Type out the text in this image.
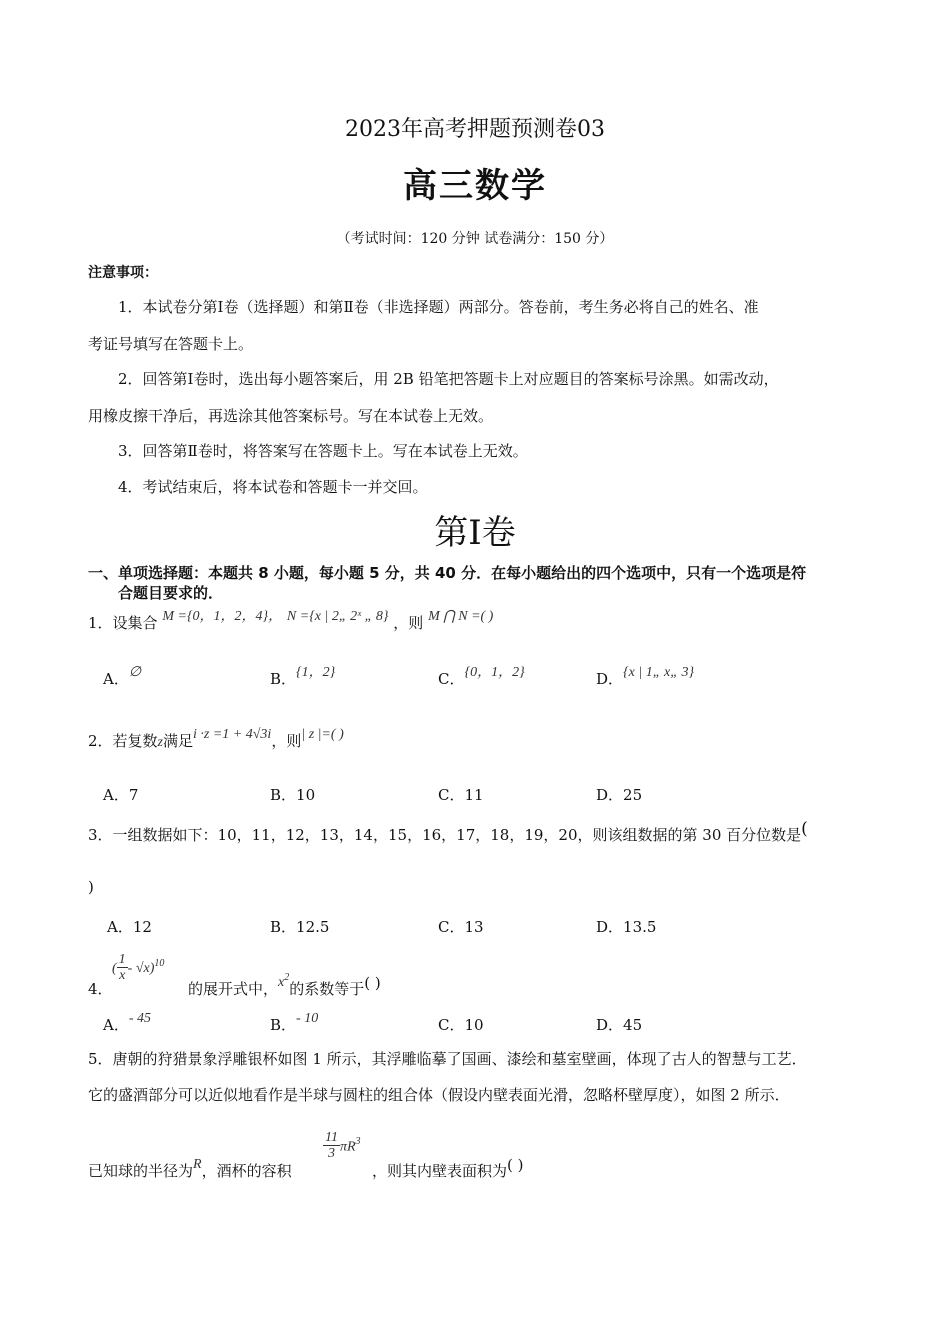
2023年高考押题预测卷03
高三数学
（考试时间：120 分钟 试卷满分：150 分）
注意事项：
1．本试卷分第Ⅰ卷（选择题）和第Ⅱ卷（非选择题）两部分。答卷前，考生务必将自己的姓名、准
考证号填写在答题卡上。
2．回答第Ⅰ卷时，选出每小题答案后，用 2B 铅笔把答题卡上对应题目的答案标号涂黑。如需改动，
用橡皮擦干净后，再选涂其他答案标号。写在本试卷上无效。
3．回答第Ⅱ卷时，将答案写在答题卡上。写在本试卷上无效。
4．考试结束后，将本试卷和答题卡一并交回。
第Ⅰ卷
一、单项选择题：本题共 8 小题，每小题 5 分，共 40 分．在每小题给出的四个选项中，只有一个选项是符
合题目要求的．
1．设集合 M ={0，1，2，4}， N ={x | 2„ 2ˣ „ 8} ，则 M ⋂ N =( )
A．∅	B．{1，2}	C．{0，1，2}	D．{x | 1„ x„ 3}
2．若复数z满足i ·z =1 + 4√3i，则| z |=( )
A．7	B．10	C．11	D．25
3．一组数据如下：10，11，12，13，14，15，16，17，18，19，20，则该组数据的第 30 百分位数是(
)
A．12	B．12.5	C．13	D．13.5
4．
( $\frac{1}{x} - √x)^{10}$
的展开式中，$x^2$的系数等于( )
A．- 45	B．- 10	C．10	D．45
5．唐朝的狩猎景象浮雕银杯如图 1 所示，其浮雕临摹了国画、漆绘和墓室壁画，体现了古人的智慧与工艺．
它的盛酒部分可以近似地看作是半球与圆柱的组合体（假设内壁表面光滑，忽略杯壁厚度），如图 2 所示．
已知球的半径为R，酒杯的容积
$\frac{11}{3} \pi R^3$
，则其内壁表面积为( )
